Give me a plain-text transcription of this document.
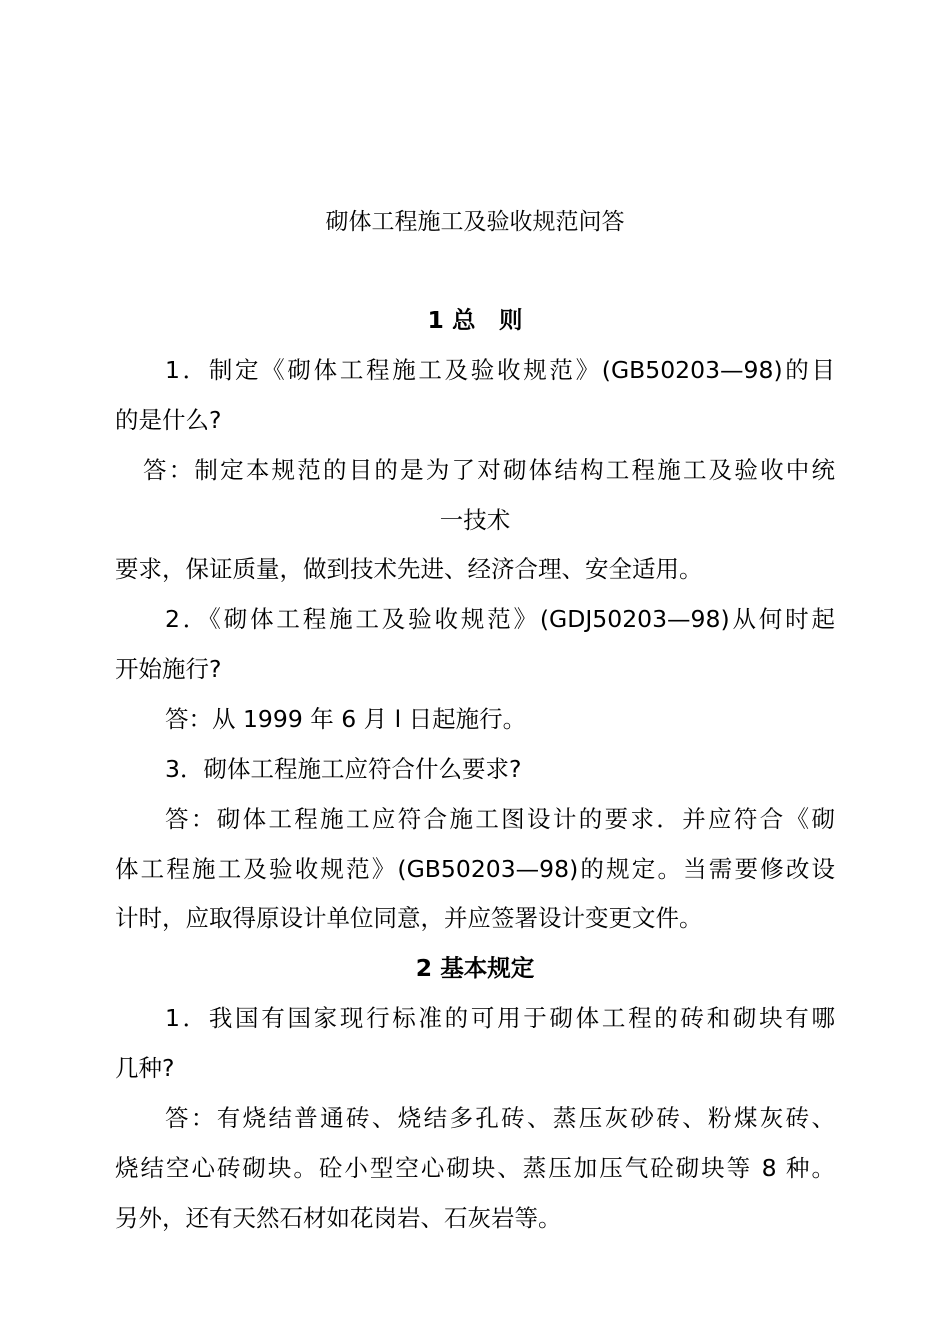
砌体工程施工及验收规范问答
1 总　则
1．制定《砌体工程施工及验收规范》(GB50203—98)的目
的是什么?
答：制定本规范的目的是为了对砌体结构工程施工及验收中统
一技术
要求，保证质量，做到技术先进、经济合理、安全适用。
2．《砌体工程施工及验收规范》(GDJ50203—98)从何时起
开始施行?
答：从 1999 年 6 月 l 日起施行。
3．砌体工程施工应符合什么要求?
答：砌体工程施工应符合施工图设计的要求．并应符合《砌
体工程施工及验收规范》(GB50203—98)的规定。当需要修改设
计时，应取得原设计单位同意，并应签署设计变更文件。
2 基本规定
1．我国有国家现行标准的可用于砌体工程的砖和砌块有哪
几种?
答：有烧结普通砖、烧结多孔砖、蒸压灰砂砖、粉煤灰砖、
烧结空心砖砌块。砼小型空心砌块、蒸压加压气砼砌块等 8 种。
另外，还有天然石材如花岗岩、石灰岩等。
